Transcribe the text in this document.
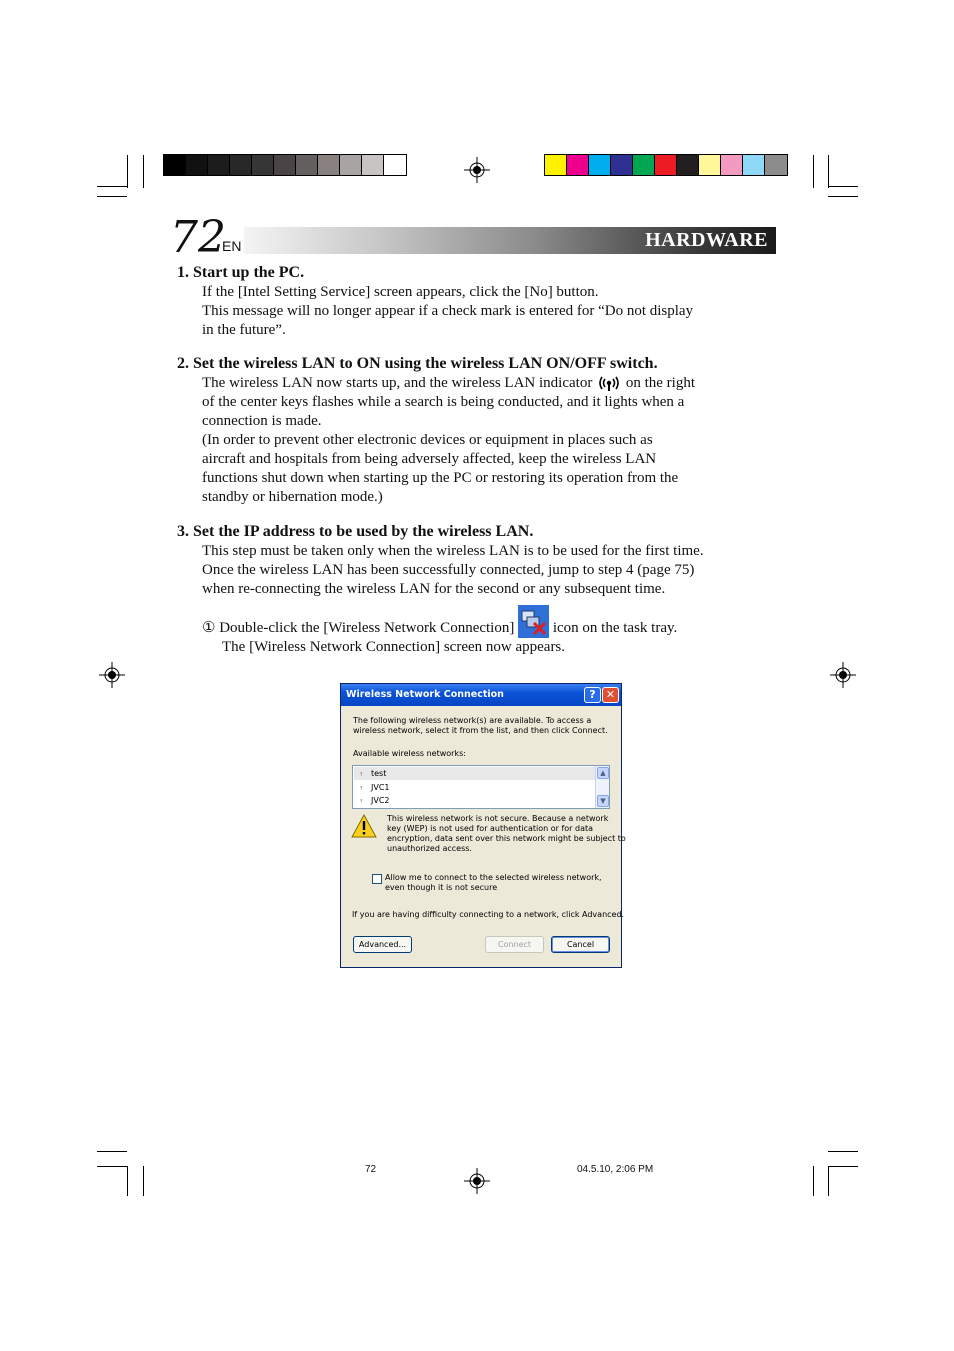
72
EN	HARDWARE
1. Start up the PC.
If the [Intel Setting Service] screen appears, click the [No] button.
This message will no longer appear if a check mark is entered for “Do not display
in the future”.
2. Set the wireless LAN to ON using the wireless LAN ON/OFF switch.
The wireless LAN now starts up, and the wireless LAN indicator on the right
of the center keys flashes while a search is being conducted, and it lights when a
connection is made.
(In order to prevent other electronic devices or equipment in places such as
aircraft and hospitals from being adversely affected, keep the wireless LAN
functions shut down when starting up the PC or restoring its operation from the
standby or hibernation mode.)
3. Set the IP address to be used by the wireless LAN.
This step must be taken only when the wireless LAN is to be used for the first time.
Once the wireless LAN has been successfully connected, jump to step 4 (page 75)
when re-connecting the wireless LAN for the second or any subsequent time.
① Double-click the [Wireless Network Connection]	icon on the task tray.
The [Wireless Network Connection] screen now appears.
Wireless Network Connection	? ✕
The following wireless network(s) are available. To access a
wireless network, select it from the list, and then click Connect.
Available wireless networks:
ꜝ test
ꜝ JVC1
ꜝ JVC2
▲
▼
This wireless network is not secure. Because a network
key (WEP) is not used for authentication or for data
encryption, data sent over this network might be subject to
unauthorized access.
Allow me to connect to the selected wireless network,
even though it is not secure
If you are having difficulty connecting to a network, click Advanced.
Advanced...	Connect	Cancel
72	04.5.10, 2:06 PM
